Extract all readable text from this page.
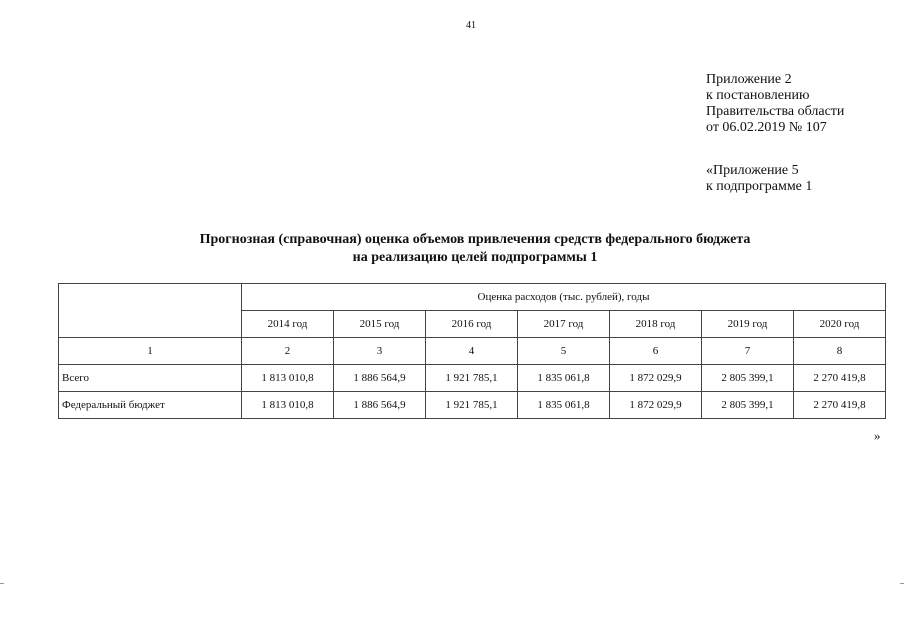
41
Приложение 2
к постановлению
Правительства области
от 06.02.2019 № 107
«Приложение 5
к подпрограмме 1
Прогнозная (справочная) оценка объемов привлечения средств федерального бюджета
на реализацию целей подпрограммы 1
	Оценка расходов (тыс. рублей), годы						
	2014 год	2015 год	2016 год	2017 год	2018 год	2019 год	2020 год
1	2	3	4	5	6	7	8
Всего	1 813 010,8	1 886 564,9	1 921 785,1	1 835 061,8	1 872 029,9	2 805 399,1	2 270 419,8
Федеральный бюджет	1 813 010,8	1 886 564,9	1 921 785,1	1 835 061,8	1 872 029,9	2 805 399,1	2 270 419,8
»
